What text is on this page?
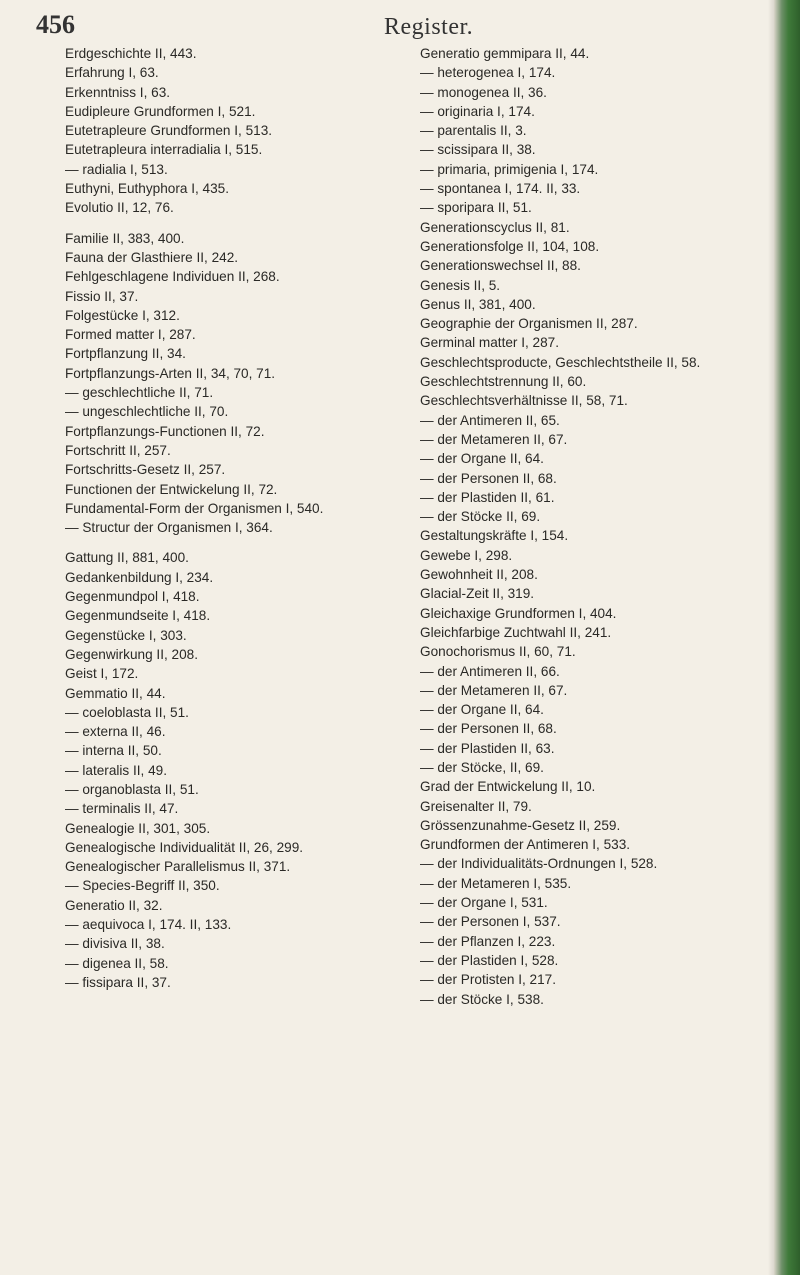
456	Register.
Erdgeschichte II, 443.
Erfahrung I, 63.
Erkenntniss I, 63.
Eudipleure Grundformen I, 521.
Eutetrapleure Grundformen I, 513.
Eutetrapleura interradialia I, 515.
— radialia I, 513.
Euthyni, Euthyphora I, 435.
Evolutio II, 12, 76.
Familie II, 383, 400.
Fauna der Glasthiere II, 242.
Fehlgeschlagene Individuen II, 268.
Fissio II, 37.
Folgestücke I, 312.
Formed matter I, 287.
Fortpflanzung II, 34.
Fortpflanzungs-Arten II, 34, 70, 71.
— geschlechtliche II, 71.
— ungeschlechtliche II, 70.
Fortpflanzungs-Functionen II, 72.
Fortschritt II, 257.
Fortschritts-Gesetz II, 257.
Functionen der Entwickelung II, 72.
Fundamental-Form der Organismen I, 540.
— Structur der Organismen I, 364.
Gattung II, 881, 400.
Gedankenbildung I, 234.
Gegenmundpol I, 418.
Gegenmundseite I, 418.
Gegenstücke I, 303.
Gegenwirkung II, 208.
Geist I, 172.
Gemmatio II, 44.
— coeloblasta II, 51.
— externa II, 46.
— interna II, 50.
— lateralis II, 49.
— organoblasta II, 51.
— terminalis II, 47.
Genealogie II, 301, 305.
Genealogische Individualität II, 26, 299.
Genealogischer Parallelismus II, 371.
— Species-Begriff II, 350.
Generatio II, 32.
— aequivoca I, 174. II, 133.
— divisiva II, 38.
— digenea II, 58.
— fissipara II, 37.
Generatio gemmipara II, 44.
— heterogenea I, 174.
— monogenea II, 36.
— originaria I, 174.
— parentalis II, 3.
— scissipara II, 38.
— primaria, primigenia I, 174.
— spontanea I, 174. II, 33.
— sporipara II, 51.
Generationscyclus II, 81.
Generationsfolge II, 104, 108.
Generationswechsel II, 88.
Genesis II, 5.
Genus II, 381, 400.
Geographie der Organismen II, 287.
Germinal matter I, 287.
Geschlechtsproducte, Geschlechtstheile II, 58.
Geschlechtstrennung II, 60.
Geschlechtsverhältnisse II, 58, 71.
— der Antimeren II, 65.
— der Metameren II, 67.
— der Organe II, 64.
— der Personen II, 68.
— der Plastiden II, 61.
— der Stöcke II, 69.
Gestaltungskräfte I, 154.
Gewebe I, 298.
Gewohnheit II, 208.
Glacial-Zeit II, 319.
Gleichaxige Grundformen I, 404.
Gleichfarbige Zuchtwahl II, 241.
Gonochorismus II, 60, 71.
— der Antimeren II, 66.
— der Metameren II, 67.
— der Organe II, 64.
— der Personen II, 68.
— der Plastiden II, 63.
— der Stöcke, II, 69.
Grad der Entwickelung II, 10.
Greisenalter II, 79.
Grössenzunahme-Gesetz II, 259.
Grundformen der Antimeren I, 533.
— der Individualitäts-Ordnungen I, 528.
— der Metameren I, 535.
— der Organe I, 531.
— der Personen I, 537.
— der Pflanzen I, 223.
— der Plastiden I, 528.
— der Protisten I, 217.
— der Stöcke I, 538.
